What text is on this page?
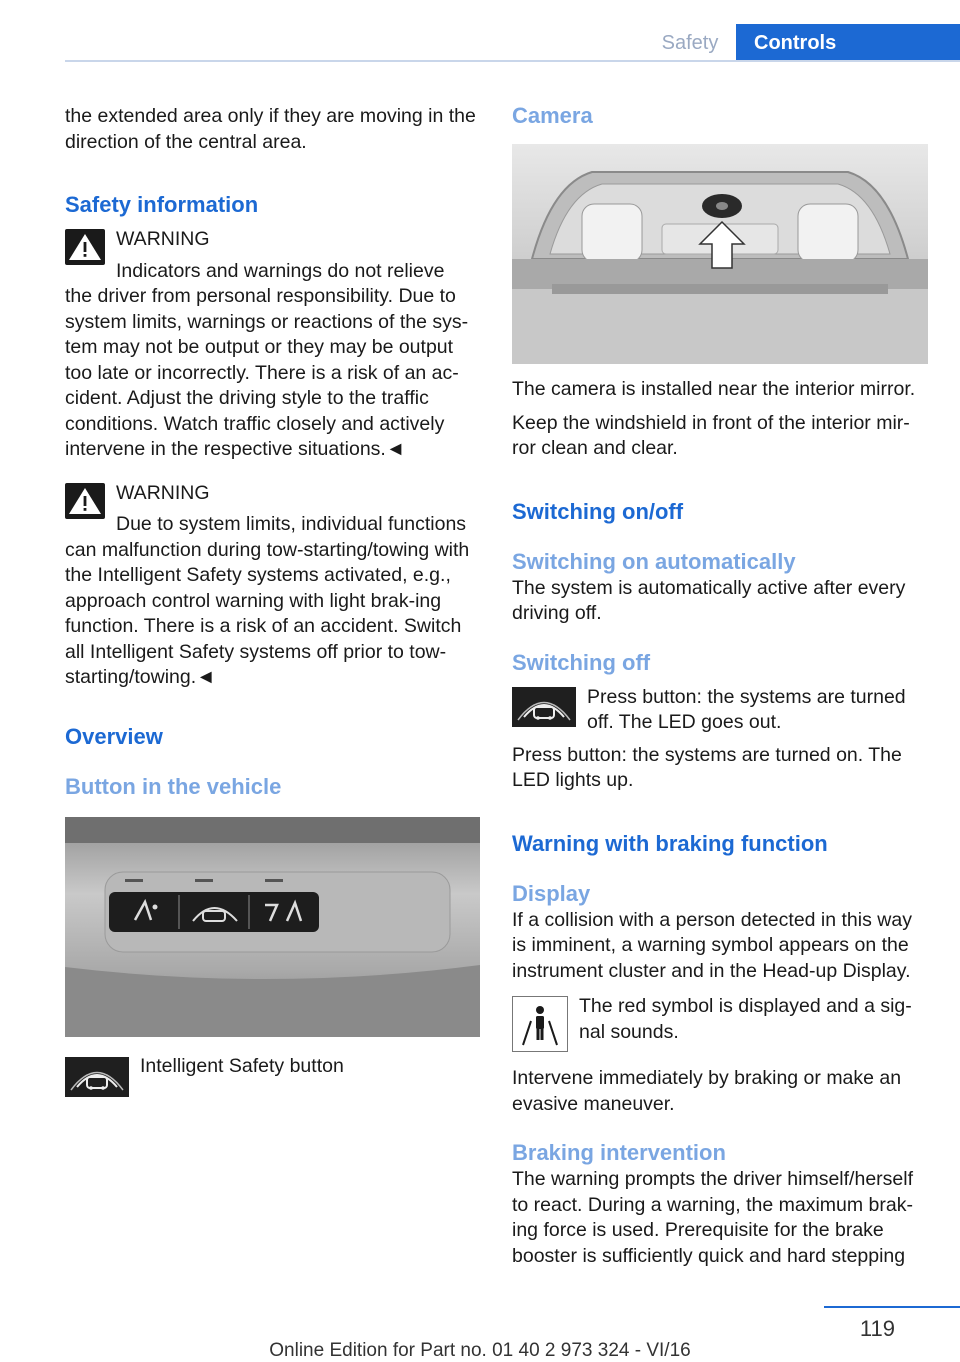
Safety	Controls

the extended area only if they are moving in the direction of the central area.

Safety information

WARNING

Indicators and warnings do not relieve

the driver from personal responsibility. Due to system limits, warnings or reactions of the sys-tem may not be output or they may be output too late or incorrectly. There is a risk of an ac-cident. Adjust the driving style to the traffic conditions. Watch traffic closely and actively intervene in the respective situations.◄

WARNING

Due to system limits, individual functions

can malfunction during tow-starting/towing with the Intelligent Safety systems activated, e.g., approach control warning with light brak-ing function. There is a risk of an accident. Switch all Intelligent Safety systems off prior to tow-starting/towing.◄

Overview
Button in the vehicle

Intelligent Safety button

Camera

The camera is installed near the interior mirror.

Keep the windshield in front of the interior mir-ror clean and clear.

Switching on/off
Switching on automatically

The system is automatically active after every driving off.

Switching off

Press button: the systems are turned off. The LED goes out.

Press button: the systems are turned on. The LED lights up.

Warning with braking function
Display

If a collision with a person detected in this way is imminent, a warning symbol appears on the instrument cluster and in the Head-up Display.

The red symbol is displayed and a sig-nal sounds.

Intervene immediately by braking or make an evasive maneuver.

Braking intervention

The warning prompts the driver himself/herself to react. During a warning, the maximum brak-ing force is used. Prerequisite for the brake booster is sufficiently quick and hard stepping

119
Online Edition for Part no. 01 40 2 973 324 - VI/16
